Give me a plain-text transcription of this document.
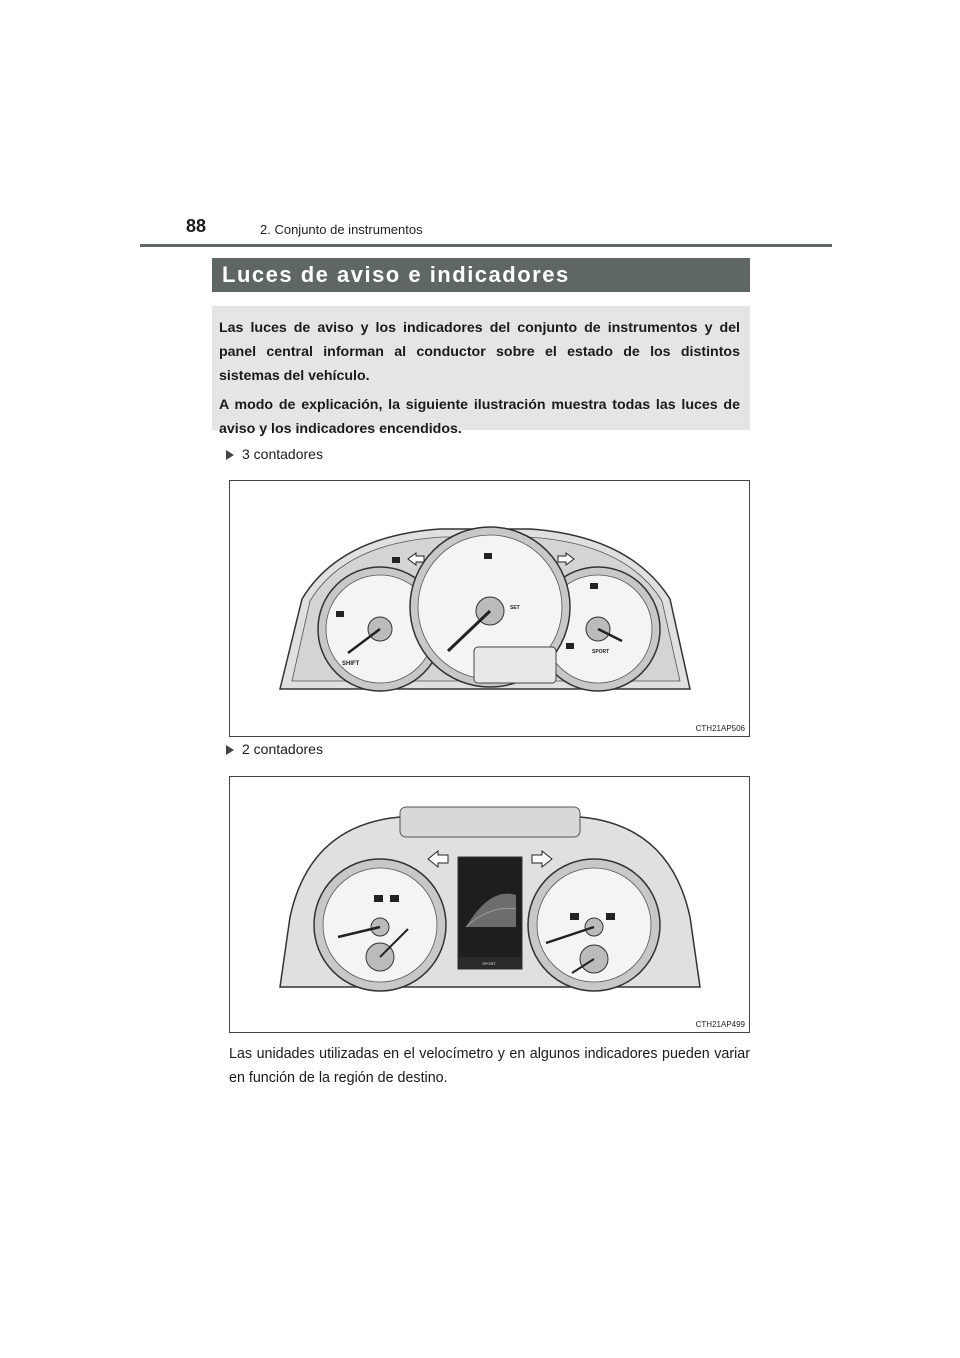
88	2. Conjunto de instrumentos
Luces de aviso e indicadores

Las luces de aviso y los indicadores del conjunto de instrumentos y del panel central informan al conductor sobre el estado de los distintos sistemas del vehículo.

A modo de explicación, la siguiente ilustración muestra todas las luces de aviso y los indicadores encendidos.

3 contadores
SHIFT
SET
SPORT
CTH21AP506
2 contadores
SPORT
CTH21AP499
Las unidades utilizadas en el velocímetro y en algunos indicadores pueden variar en función de la región de destino.
